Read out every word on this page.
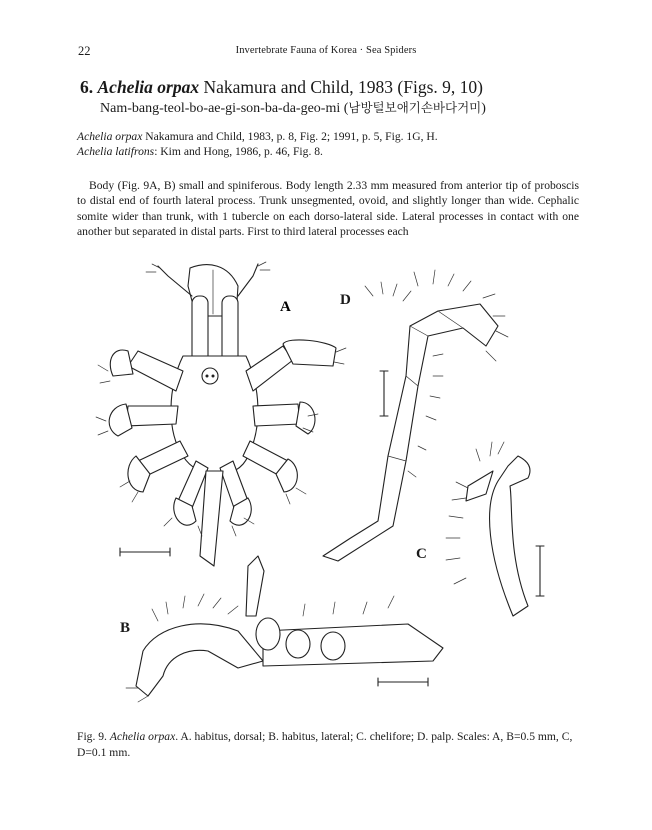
22	Invertebrate Fauna of Korea · Sea Spiders
6. Achelia orpax Nakamura and Child, 1983 (Figs. 9, 10)
Nam-bang-teol-bo-ae-gi-son-ba-da-geo-mi (남방털보애기손바다거미)
Achelia orpax Nakamura and Child, 1983, p. 8, Fig. 2; 1991, p. 5, Fig. 1G, H.
Achelia latifrons: Kim and Hong, 1986, p. 46, Fig. 8.

Body (Fig. 9A, B) small and spiniferous. Body length 2.33 mm measured from anterior tip of proboscis to distal end of fourth lateral process. Trunk unsegmented, ovoid, and slightly longer than wide. Cephalic somite wider than trunk, with 1 tubercle on each dorso-lateral side. Lateral processes in contact with one another but separated in distal parts. First to third lateral processes each

A	D
C
B
Fig. 9. Achelia orpax. A. habitus, dorsal; B. habitus, lateral; C. chelifore; D. palp. Scales: A, B=0.5 mm, C, D=0.1 mm.
